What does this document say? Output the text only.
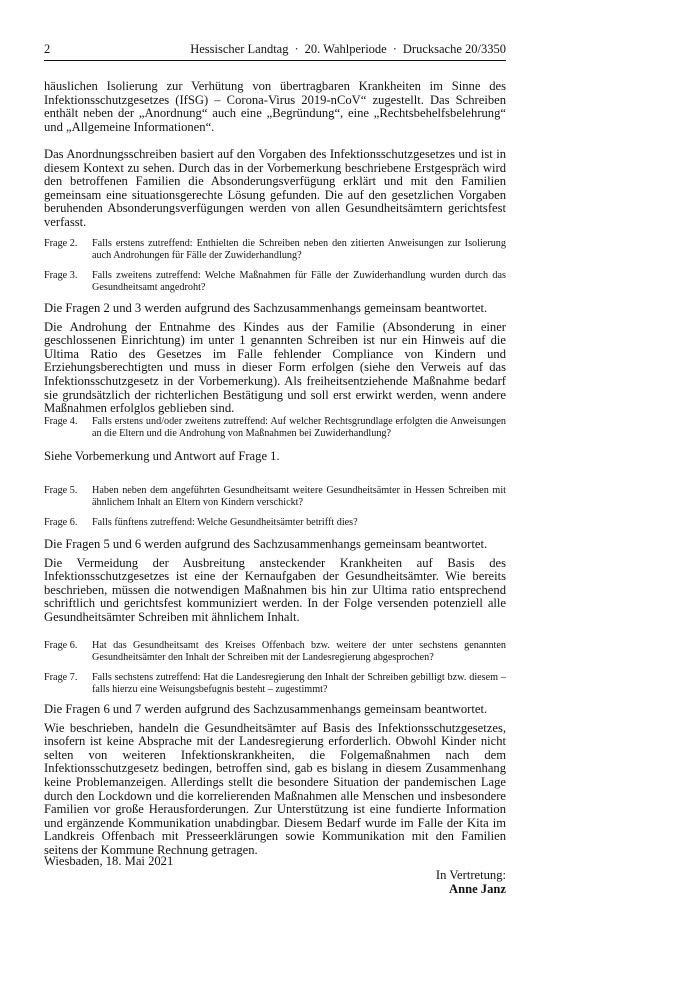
2	Hessischer Landtag · 20. Wahlperiode · Drucksache 20/3350

häuslichen Isolierung zur Verhütung von übertragbaren Krankheiten im Sinne des Infektionsschutzgesetzes (IfSG) – Corona-Virus 2019-nCoV“ zugestellt. Das Schreiben enthält neben der „Anordnung“ auch eine „Begründung“, eine „Rechtsbehelfsbelehrung“ und „Allgemeine Informationen“.

Das Anordnungsschreiben basiert auf den Vorgaben des Infektionsschutzgesetzes und ist in diesem Kontext zu sehen. Durch das in der Vorbemerkung beschriebene Erstgespräch wird den betroffenen Familien die Absonderungsverfügung erklärt und mit den Familien gemeinsam eine situationsgerechte Lösung gefunden. Die auf den gesetzlichen Vorgaben beruhenden Absonderungsverfügungen werden von allen Gesundheitsämtern gerichtsfest verfasst.

Frage 2.	Falls erstens zutreffend: Enthielten die Schreiben neben den zitierten Anweisungen zur Isolierung auch Androhungen für Fälle der Zuwiderhandlung?
Frage 3.	Falls zweitens zutreffend: Welche Maßnahmen für Fälle der Zuwiderhandlung wurden durch das Gesundheitsamt angedroht?

Die Fragen 2 und 3 werden aufgrund des Sachzusammenhangs gemeinsam beantwortet.

Die Androhung der Entnahme des Kindes aus der Familie (Absonderung in einer geschlossenen Einrichtung) im unter 1 genannten Schreiben ist nur ein Hinweis auf die Ultima Ratio des Gesetzes im Falle fehlender Compliance von Kindern und Erziehungsberechtigten und muss in dieser Form erfolgen (siehe den Verweis auf das Infektionsschutzgesetz in der Vorbemerkung). Als freiheitsentziehende Maßnahme bedarf sie grundsätzlich der richterlichen Bestätigung und soll erst erwirkt werden, wenn andere Maßnahmen erfolglos geblieben sind.

Frage 4.	Falls erstens und/oder zweitens zutreffend: Auf welcher Rechtsgrundlage erfolgten die Anweisungen an die Eltern und die Androhung von Maßnahmen bei Zuwiderhandlung?

Siehe Vorbemerkung und Antwort auf Frage 1.

Frage 5.	Haben neben dem angeführten Gesundheitsamt weitere Gesundheitsämter in Hessen Schreiben mit ähnlichem Inhalt an Eltern von Kindern verschickt?
Frage 6.	Falls fünftens zutreffend: Welche Gesundheitsämter betrifft dies?

Die Fragen 5 und 6 werden aufgrund des Sachzusammenhangs gemeinsam beantwortet.

Die Vermeidung der Ausbreitung ansteckender Krankheiten auf Basis des Infektionsschutzgesetzes ist eine der Kernaufgaben der Gesundheitsämter. Wie bereits beschrieben, müssen die notwendigen Maßnahmen bis hin zur Ultima ratio entsprechend schriftlich und gerichtsfest kommuniziert werden. In der Folge versenden potenziell alle Gesundheitsämter Schreiben mit ähnlichem Inhalt.

Frage 6.	Hat das Gesundheitsamt des Kreises Offenbach bzw. weitere der unter sechstens genannten Gesundheitsämter den Inhalt der Schreiben mit der Landesregierung abgesprochen?
Frage 7.	Falls sechstens zutreffend: Hat die Landesregierung den Inhalt der Schreiben gebilligt bzw. diesem – falls hierzu eine Weisungsbefugnis besteht – zugestimmt?

Die Fragen 6 und 7 werden aufgrund des Sachzusammenhangs gemeinsam beantwortet.

Wie beschrieben, handeln die Gesundheitsämter auf Basis des Infektionsschutzgesetzes, insofern ist keine Absprache mit der Landesregierung erforderlich. Obwohl Kinder nicht selten von weiteren Infektionskrankheiten, die Folgemaßnahmen nach dem Infektionsschutzgesetz bedingen, betroffen sind, gab es bislang in diesem Zusammenhang keine Problemanzeigen. Allerdings stellt die besondere Situation der pandemischen Lage durch den Lockdown und die korrelierenden Maßnahmen alle Menschen und insbesondere Familien vor große Herausforderungen. Zur Unterstützung ist eine fundierte Information und ergänzende Kommunikation unabdingbar. Diesem Bedarf wurde im Falle der Kita im Landkreis Offenbach mit Presseerklärungen sowie Kommunikation mit den Familien seitens der Kommune Rechnung getragen.

Wiesbaden, 18. Mai 2021

In Vertretung:
Anne Janz
